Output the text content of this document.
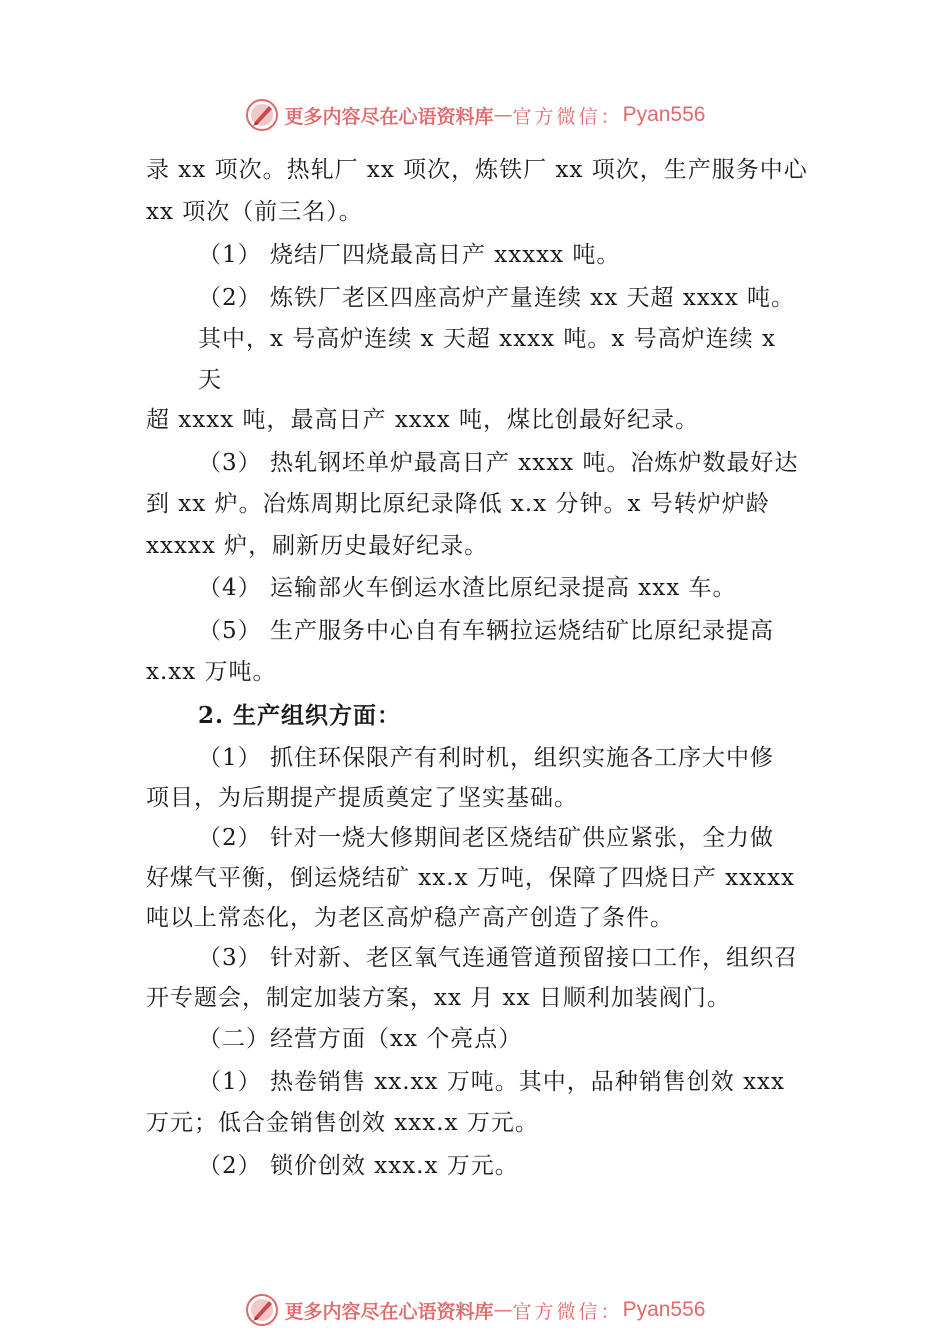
更多内容尽在心语资料库 — 官方微信： Pyan556
录 xx 项次。热轧厂 xx 项次，炼铁厂 xx 项次，生产服务中心
xx 项次（前三名）。
（1） 烧结厂四烧最高日产 xxxxx 吨。
（2） 炼铁厂老区四座高炉产量连续 xx 天超 xxxx 吨。
其中，x 号高炉连续 x 天超 xxxx 吨。x 号高炉连续 x
天
超 xxxx 吨，最高日产 xxxx 吨，煤比创最好纪录。
（3） 热轧钢坯单炉最高日产 xxxx 吨。冶炼炉数最好达
到 xx 炉。冶炼周期比原纪录降低 x.x 分钟。x 号转炉炉龄
xxxxx 炉，刷新历史最好纪录。
（4） 运输部火车倒运水渣比原纪录提高 xxx 车。
（5） 生产服务中心自有车辆拉运烧结矿比原纪录提高
x.xx 万吨。
2. 生产组织方面：
（1） 抓住环保限产有利时机，组织实施各工序大中修
项目，为后期提产提质奠定了坚实基础。
（2） 针对一烧大修期间老区烧结矿供应紧张，全力做
好煤气平衡，倒运烧结矿 xx.x 万吨，保障了四烧日产 xxxxx
吨以上常态化，为老区高炉稳产高产创造了条件。
（3） 针对新、老区氧气连通管道预留接口工作，组织召
开专题会，制定加装方案，xx 月 xx 日顺利加装阀门。
（二）经营方面（xx 个亮点）
（1） 热卷销售 xx.xx 万吨。其中，品种销售创效 xxx
万元；低合金销售创效 xxx.x 万元。
（2） 锁价创效 xxx.x 万元。
更多内容尽在心语资料库 — 官方微信： Pyan556
